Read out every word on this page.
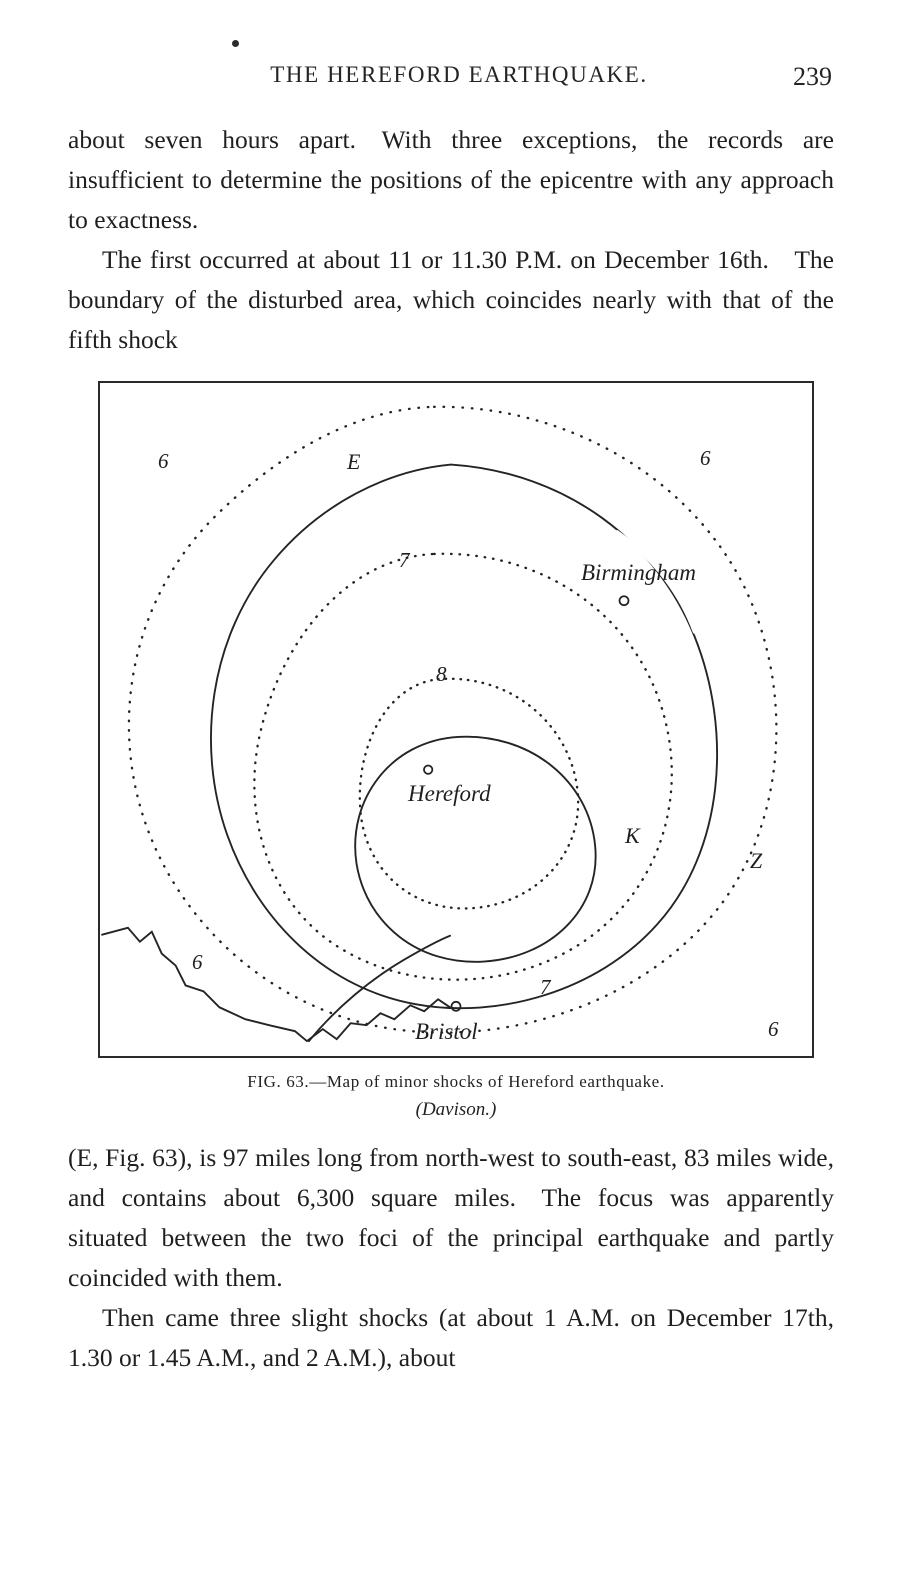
THE HEREFORD EARTHQUAKE.	239

about seven hours apart. With three exceptions, the records are insufficient to determine the positions of the epicentre with any approach to exactness.

The first occurred at about 11 or 11.30 P.M. on December 16th. The boundary of the disturbed area, which coincides nearly with that of the fifth shock

6	6
6
6
7
7
8
E
K
Z
Birmingham
Hereford
Bristol
FIG. 63.—Map of minor shocks of Hereford earthquake.
(Davison.)

(E, Fig. 63), is 97 miles long from north-west to south-east, 83 miles wide, and contains about 6,300 square miles. The focus was apparently situated between the two foci of the principal earthquake and partly coincided with them.

Then came three slight shocks (at about 1 A.M. on December 17th, 1.30 or 1.45 A.M., and 2 A.M.), about
